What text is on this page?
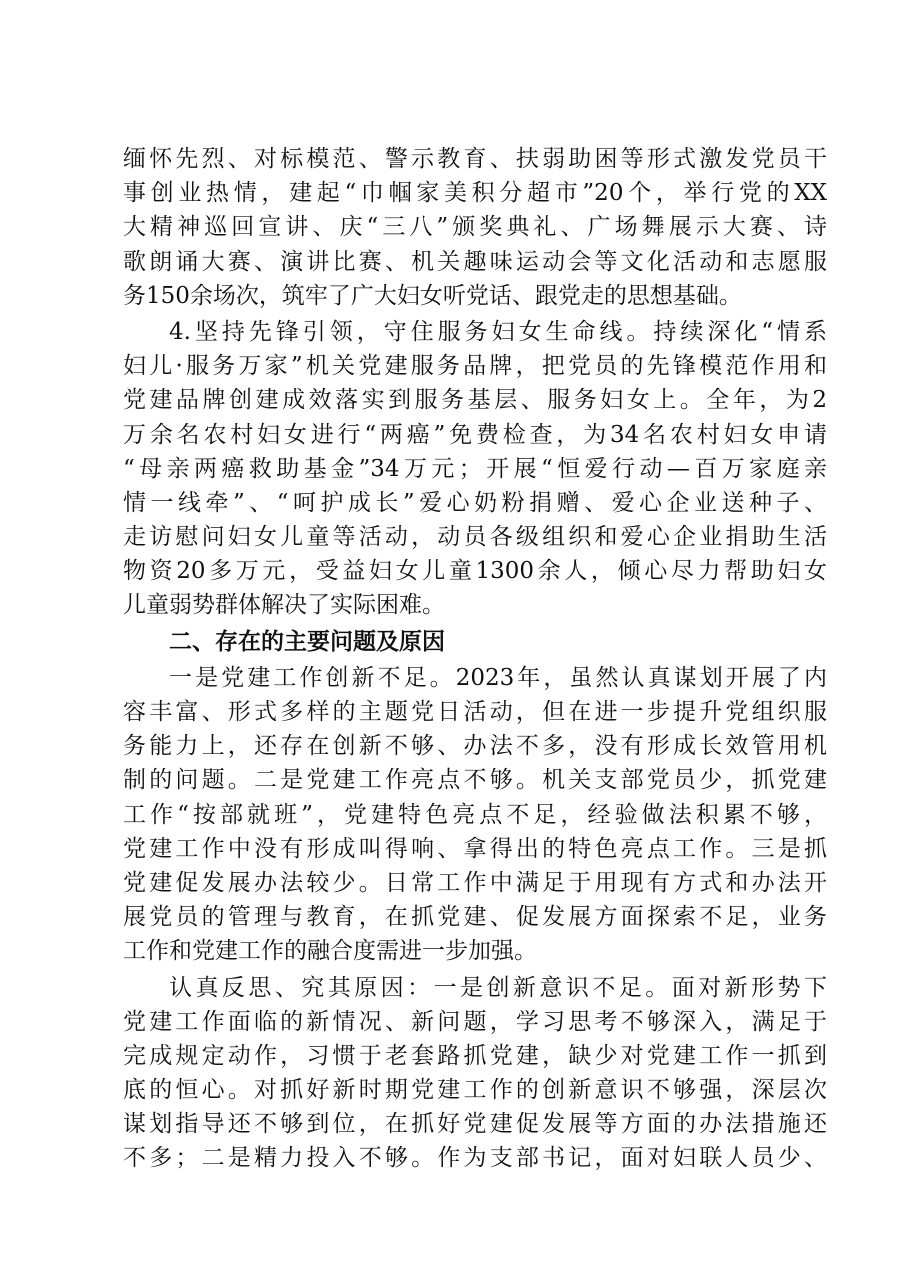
缅怀先烈、对标模范、警示教育、扶弱助困等形式激发党员干
事创业热情，建起“巾帼家美积分超市”20个，举行党的XX
大精神巡回宣讲、庆“三八”颁奖典礼、广场舞展示大赛、诗
歌朗诵大赛、演讲比赛、机关趣味运动会等文化活动和志愿服
务150余场次，筑牢了广大妇女听党话、跟党走的思想基础。
4.坚持先锋引领，守住服务妇女生命线。持续深化“情系
妇儿·服务万家”机关党建服务品牌，把党员的先锋模范作用和
党建品牌创建成效落实到服务基层、服务妇女上。全年，为2
万余名农村妇女进行“两癌”免费检查，为34名农村妇女申请
“母亲两癌救助基金”34万元；开展“恒爱行动—百万家庭亲
情一线牵”、“呵护成长”爱心奶粉捐赠、爱心企业送种子、
走访慰问妇女儿童等活动，动员各级组织和爱心企业捐助生活
物资20多万元，受益妇女儿童1300余人，倾心尽力帮助妇女
儿童弱势群体解决了实际困难。
二、存在的主要问题及原因
一是党建工作创新不足。2023年，虽然认真谋划开展了内
容丰富、形式多样的主题党日活动，但在进一步提升党组织服
务能力上，还存在创新不够、办法不多，没有形成长效管用机
制的问题。二是党建工作亮点不够。机关支部党员少，抓党建
工作“按部就班”，党建特色亮点不足，经验做法积累不够，
党建工作中没有形成叫得响、拿得出的特色亮点工作。三是抓
党建促发展办法较少。日常工作中满足于用现有方式和办法开
展党员的管理与教育，在抓党建、促发展方面探索不足，业务
工作和党建工作的融合度需进一步加强。
认真反思、究其原因：一是创新意识不足。面对新形势下
党建工作面临的新情况、新问题，学习思考不够深入，满足于
完成规定动作，习惯于老套路抓党建，缺少对党建工作一抓到
底的恒心。对抓好新时期党建工作的创新意识不够强，深层次
谋划指导还不够到位，在抓好党建促发展等方面的办法措施还
不多；二是精力投入不够。作为支部书记，面对妇联人员少、
